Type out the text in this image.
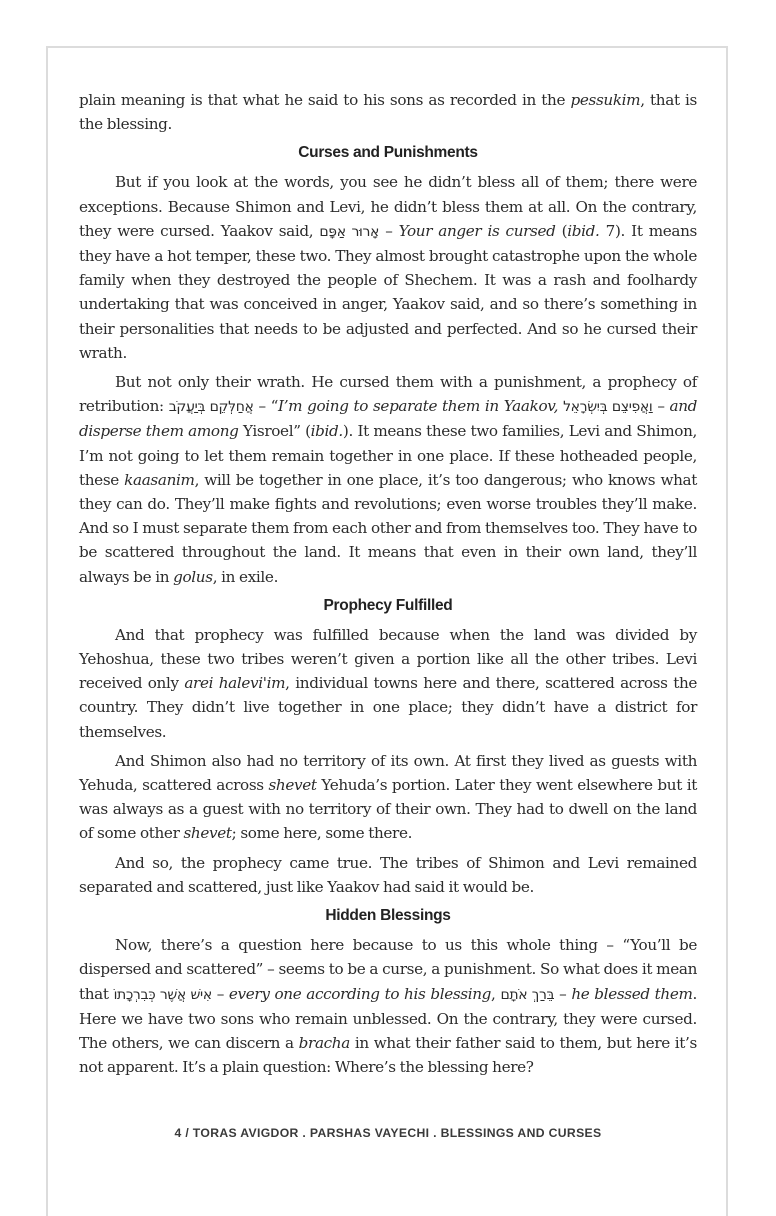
plain meaning is that what he said to his sons as recorded in the pessukim, that is the blessing.

Curses and Punishments

But if you look at the words, you see he didn’t bless all of them; there were exceptions. Because Shimon and Levi, he didn’t bless them at all. On the contrary, they were cursed. Yaakov said, אָרוּר אַפָּם – Your anger is cursed (ibid. 7). It means they have a hot temper, these two. They almost brought catastrophe upon the whole family when they destroyed the people of Shechem. It was a rash and foolhardy undertaking that was conceived in anger, Yaakov said, and so there’s something in their personalities that needs to be adjusted and perfected. And so he cursed their wrath.

But not only their wrath. He cursed them with a punishment, a prophecy of retribution: אֲחַלְּקֵם בְּיַעֲקֹב – “I’m going to separate them in Yaakov, וַאֲפִיצֵם בְּיִשְׂרָאֵל – and disperse them among Yisroel” (ibid.). It means these two families, Levi and Shimon, I’m not going to let them remain together in one place. If these hotheaded people, these kaasanim, will be together in one place, it’s too dangerous; who knows what they can do. They’ll make fights and revolutions; even worse troubles they’ll make. And so I must separate them from each other and from themselves too. They have to be scattered throughout the land. It means that even in their own land, they’ll always be in golus, in exile.

Prophecy Fulfilled

And that prophecy was fulfilled because when the land was divided by Yehoshua, these two tribes weren’t given a portion like all the other tribes. Levi received only arei halevi'im, individual towns here and there, scattered across the country. They didn’t live together in one place; they didn’t have a district for themselves.

And Shimon also had no territory of its own. At first they lived as guests with Yehuda, scattered across shevet Yehuda’s portion. Later they went elsewhere but it was always as a guest with no territory of their own. They had to dwell on the land of some other shevet; some here, some there.

And so, the prophecy came true. The tribes of Shimon and Levi remained separated and scattered, just like Yaakov had said it would be.

Hidden Blessings

Now, there’s a question here because to us this whole thing – “You’ll be dispersed and scattered” – seems to be a curse, a punishment. So what does it mean that אִישׁ אֲשֶׁר כְּבִרְכָתוֹ – every one according to his blessing, בֵּרַךְ אֹתָם – he blessed them. Here we have two sons who remain unblessed. On the contrary, they were cursed. The others, we can discern a bracha in what their father said to them, but here it’s not apparent. It’s a plain question: Where’s the blessing here?

4 / TORAS AVIGDOR . PARSHAS VAYECHI . BLESSINGS AND CURSES
